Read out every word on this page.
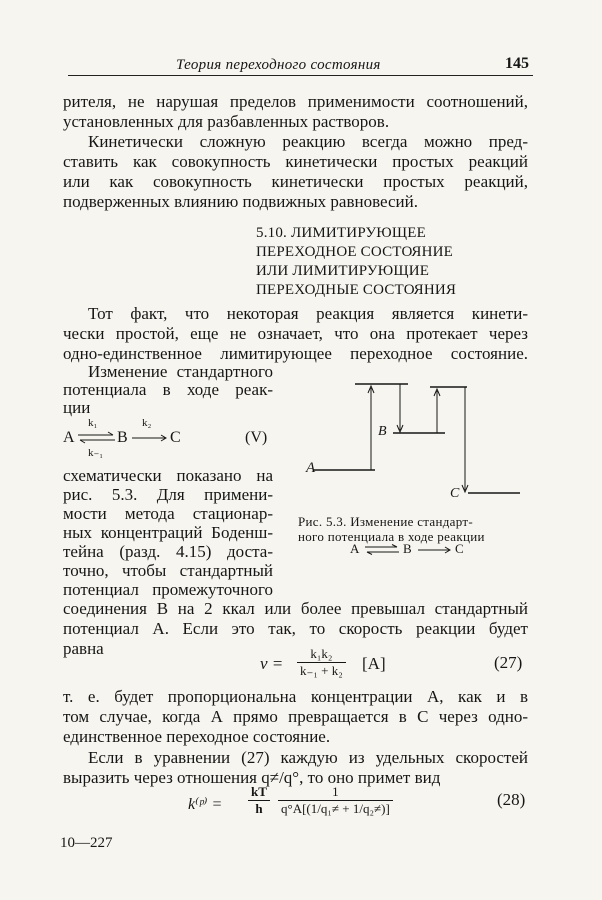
Теория переходного состояния	145
рителя, не нарушая пределов применимости соотношений,
установленных для разбавленных растворов.
Кинетически сложную реакцию всегда можно пред-
ставить как совокупность кинетически простых реакций
или как совокупность кинетически простых реакций,
подверженных влиянию подвижных равновесий.
5.10. ЛИМИТИРУЮЩЕЕ
ПЕРЕХОДНОЕ СОСТОЯНИЕ
ИЛИ ЛИМИТИРУЮЩИЕ
ПЕРЕХОДНЫЕ СОСТОЯНИЯ
Тот факт, что некоторая реакция является кинети-
чески простой, еще не означает, что она протекает через
одно-единственное лимитирующее переходное состояние.
Изменение стандартного
потенциала в ходе реак-
ции
A
k₁
k₋₁
⇌ B
k₂
C	(V)
схематически показано на
рис. 5.3. Для примени-
мости метода стационар-
ных концентраций Боденш-
тейна (разд. 4.15) доста-
точно, чтобы стандартный
потенциал промежуточного
соединения В на 2 ккал или более превышал стандартный
потенциал А. Если это так, то скорость реакции будет
равна
A
B
C
Рис. 5.3. Изменение стандарт-
ного потенциала в ходе реакции
A	B	C
$v = \frac{\text{k₁k₂}}{\text{k₋₁ + k₂}} [A]$	(27)
т. е. будет пропорциональна концентрации А, как и в
том случае, когда А прямо превращается в С через одно-
единственное переходное состояние.
Если в уравнении (27) каждую из удельных скоростей
выразить через отношения q≠/q°, то оно примет вид
k⁽ᵖ⁾ = $\frac{kT}{h} \frac{1}{\text{q°A[(1/q₁≠ + 1/q₂≠)]}}$	(28)
10—227
